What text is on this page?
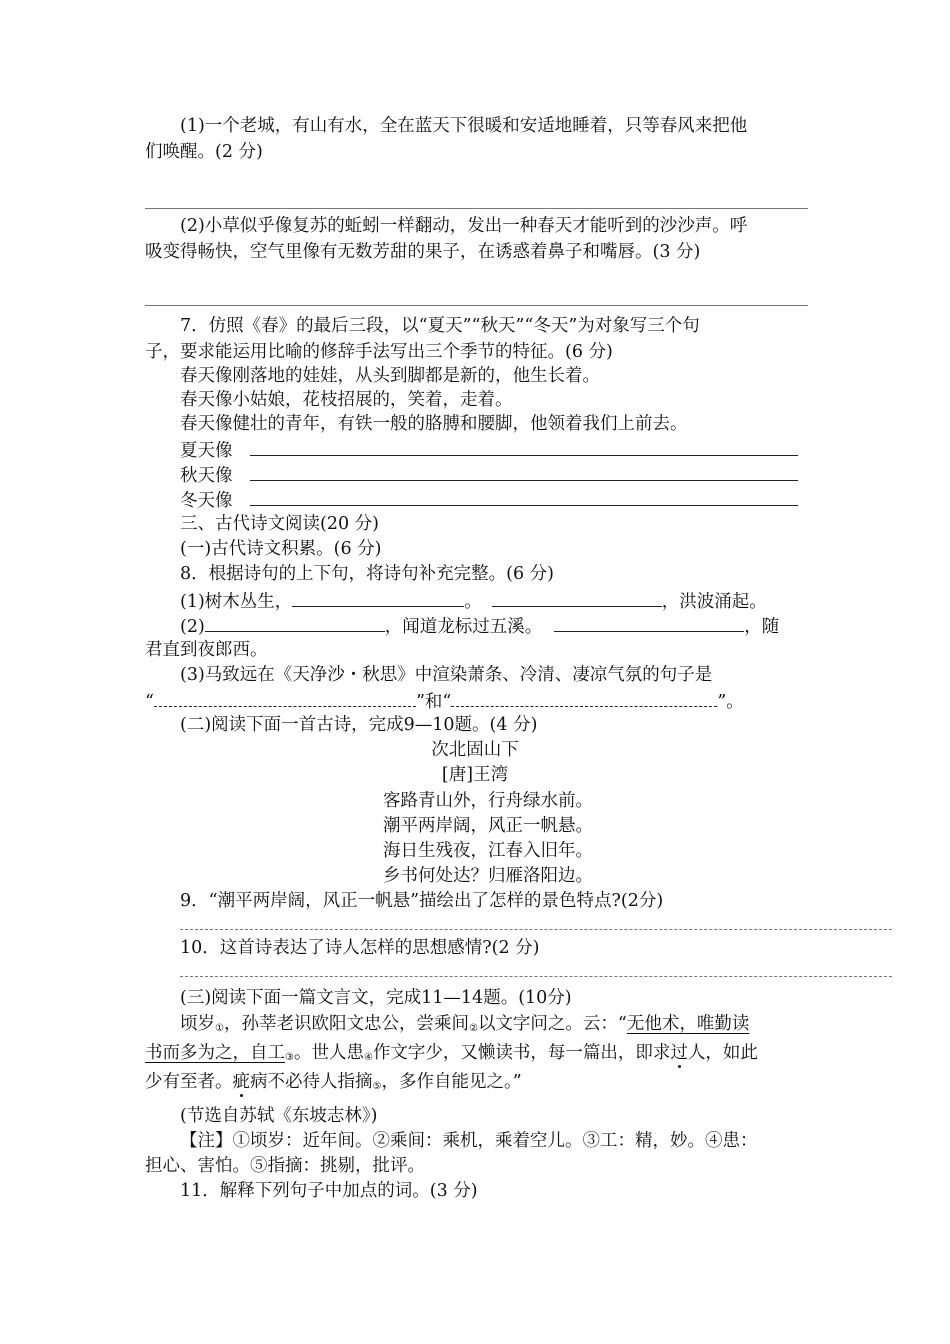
(1)一个老城，有山有水，全在蓝天下很暖和安适地睡着，只等春风来把他
们唤醒。(2 分)
(2)小草似乎像复苏的蚯蚓一样翻动，发出一种春天才能听到的沙沙声。呼
吸变得畅快，空气里像有无数芳甜的果子，在诱惑着鼻子和嘴唇。(3 分)
7．仿照《春》的最后三段，以“夏天”“秋天”“冬天”为对象写三个句
子，要求能运用比喻的修辞手法写出三个季节的特征。(6 分)
春天像刚落地的娃娃，从头到脚都是新的，他生长着。
春天像小姑娘，花枝招展的，笑着，走着。
春天像健壮的青年，有铁一般的胳膊和腰脚，他领着我们上前去。
夏天像
秋天像
冬天像
三、古代诗文阅读(20 分)
(一)古代诗文积累。(6 分)
8．根据诗句的上下句，将诗句补充完整。(6 分)
(1)树木丛生，	。	，洪波涌起。
(2)	，闻道龙标过五溪。	，随
君直到夜郎西。
(3)马致远在《天净沙・秋思》中渲染萧条、冷清、凄凉气氛的句子是
“	”和“	”。
(二)阅读下面一首古诗，完成9—10题。(4 分)
次北固山下
[唐]王湾
客路青山外，行舟绿水前。
潮平两岸阔，风正一帆悬。
海日生残夜，江春入旧年。
乡书何处达？归雁洛阳边。
9．“潮平两岸阔，风正一帆悬”描绘出了怎样的景色特点?(2分)
10．这首诗表达了诗人怎样的思想感情?(2 分)
(三)阅读下面一篇文言文，完成11—14题。(10分)
顷岁$_①$，孙莘老识欧阳文忠公，尝乘间$_②$以文字问之。云：“无他术，唯勤读
书而多为之，自工$_③$。世人患$_④$作文字少，又懒读书，每一篇出，即求过人，如此
少有至者。疵病不必待人指摘$_⑤$，多作自能见之。”
(节选自苏轼《东坡志林》)
【注】①顷岁：近年间。②乘间：乘机，乘着空儿。③工：精，妙。④患：
担心、害怕。⑤指摘：挑剔，批评。
11．解释下列句子中加点的词。(3 分)
